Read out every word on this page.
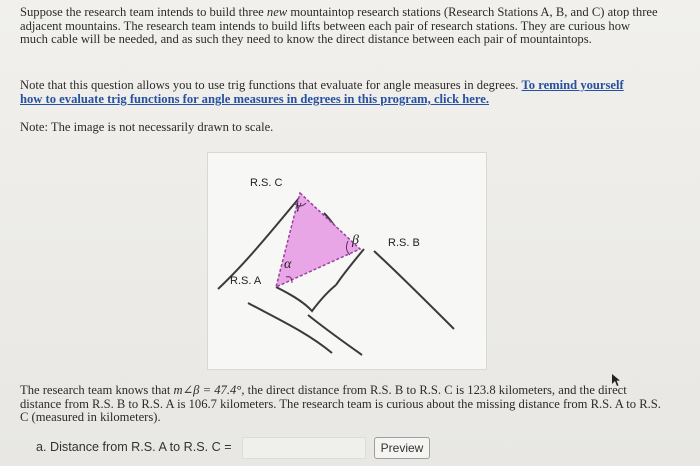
Suppose the research team intends to build three new mountaintop research stations (Research Stations A, B, and C) atop three adjacent mountains. The research team intends to build lifts between each pair of research stations. They are curious how much cable will be needed, and as such they need to know the direct distance between each pair of mountaintops.
Note that this question allows you to use trig functions that evaluate for angle measures in degrees. To remind yourself how to evaluate trig functions for angle measures in degrees in this program, click here.
Note: The image is not necessarily drawn to scale.
R.S. C
R.S. B
R.S. A
γ
β
α
The research team knows that m∠β = 47.4°, the direct distance from R.S. B to R.S. C is 123.8 kilometers, and the direct distance from R.S. B to R.S. A is 106.7 kilometers. The research team is curious about the missing distance from R.S. A to R.S. C (measured in kilometers).
a. Distance from R.S. A to R.S. C =	Preview
